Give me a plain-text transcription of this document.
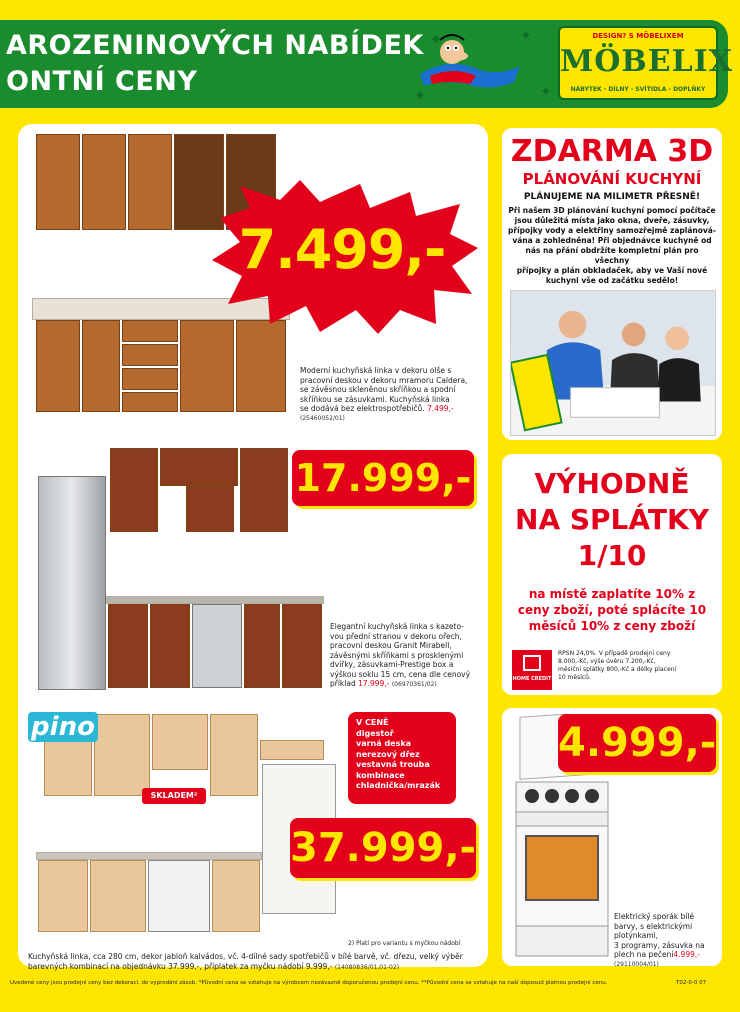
AROZENINOVÝCH NABÍDEK
ONTNÍ CENY
✦	✦
✦
✦
DESIGN? S MÖBELIXEM
MÖBELIX
NÁBYTEK - DÍLNY - SVÍTIDLA - DOPLŇKY
7.499,-
Moderní kuchyňská linka v dekoru olše s
pracovní deskou v dekoru mramoru Caldera,
se závěsnou skleněnou skříňkou a spodní
skříňkou se zásuvkami. Kuchyňská linka
se dodává bez elektrospotřebičů. 7.499,-
(25460052/01)
17.999,-
Elegantní kuchyňská linka s kazeto-
vou přední stranou v dekoru ořech,
pracovní deskou Granit Mirabell,
závěsnými skříňkami s prosklenými
dvířky, zásuvkami-Prestige box a
výškou soklu 15 cm, cena dle cenový
příklad 17.999,- (06970361/02)
pino
SKLADEM²
V CENĚ
digestoř
varná deska
nerezový dřez
vestavná trouba
kombinace
chladnička/mrazák
37.999,-
2) Platí pro variantu s myčkou nádobí
Kuchyňská linka, cca 280 cm, dekor jabloň kalvádos, vč. 4-dílné sady spotřebičů v bílé barvě, vč. dřezu, velký výběr
barevných kombinací na objednávku 37.999,-, příplatek za myčku nádobí 9.999,- (14080836/01,01-02)
ZDARMA 3D
PLÁNOVÁNÍ KUCHYNÍ
PLÁNUJEME NA MILIMETR PŘESNĚ!
Při našem 3D plánování kuchyní pomocí počítače
jsou důležitá místa jako okna, dveře, zásuvky,
přípojky vody a elektřiny samozřejmě zaplánová-
vána a zohledněna! Při objednávce kuchyně od
nás na přání obdržíte kompletní plán pro všechny
přípojky a plán obkladaček, aby ve Vaší nové
kuchyni vše od začátku sedělo!
VÝHODNĚ
NA SPLÁTKY
1/10
na místě zaplatíte 10% z
ceny zboží, poté splácíte 10
měsíců 10% z ceny zboží
HOME CREDIT
RPSN 24,0%. V případě prodejní ceny
8.000,-Kč, výše úvěru 7.200,-Kč,
měsíční splátky 800,-Kč a délky placení
10 měsíců.
4.999,-
Elektrický sporák bílé
barvy, s elektrickými
plotýnkami,
3 programy, zásuvka na
plech na pečení4.999,-
(29110004/01)
Uvedené ceny jsou prodejní ceny bez dekorací, do vyprodání zásob. *Původní cena se vztahuje na výrobcem nezávazně doporučenou prodejní cenu. **Původní cena se vztahuje na naší doposud platnou prodejní cenu.	T02-0-0 07
